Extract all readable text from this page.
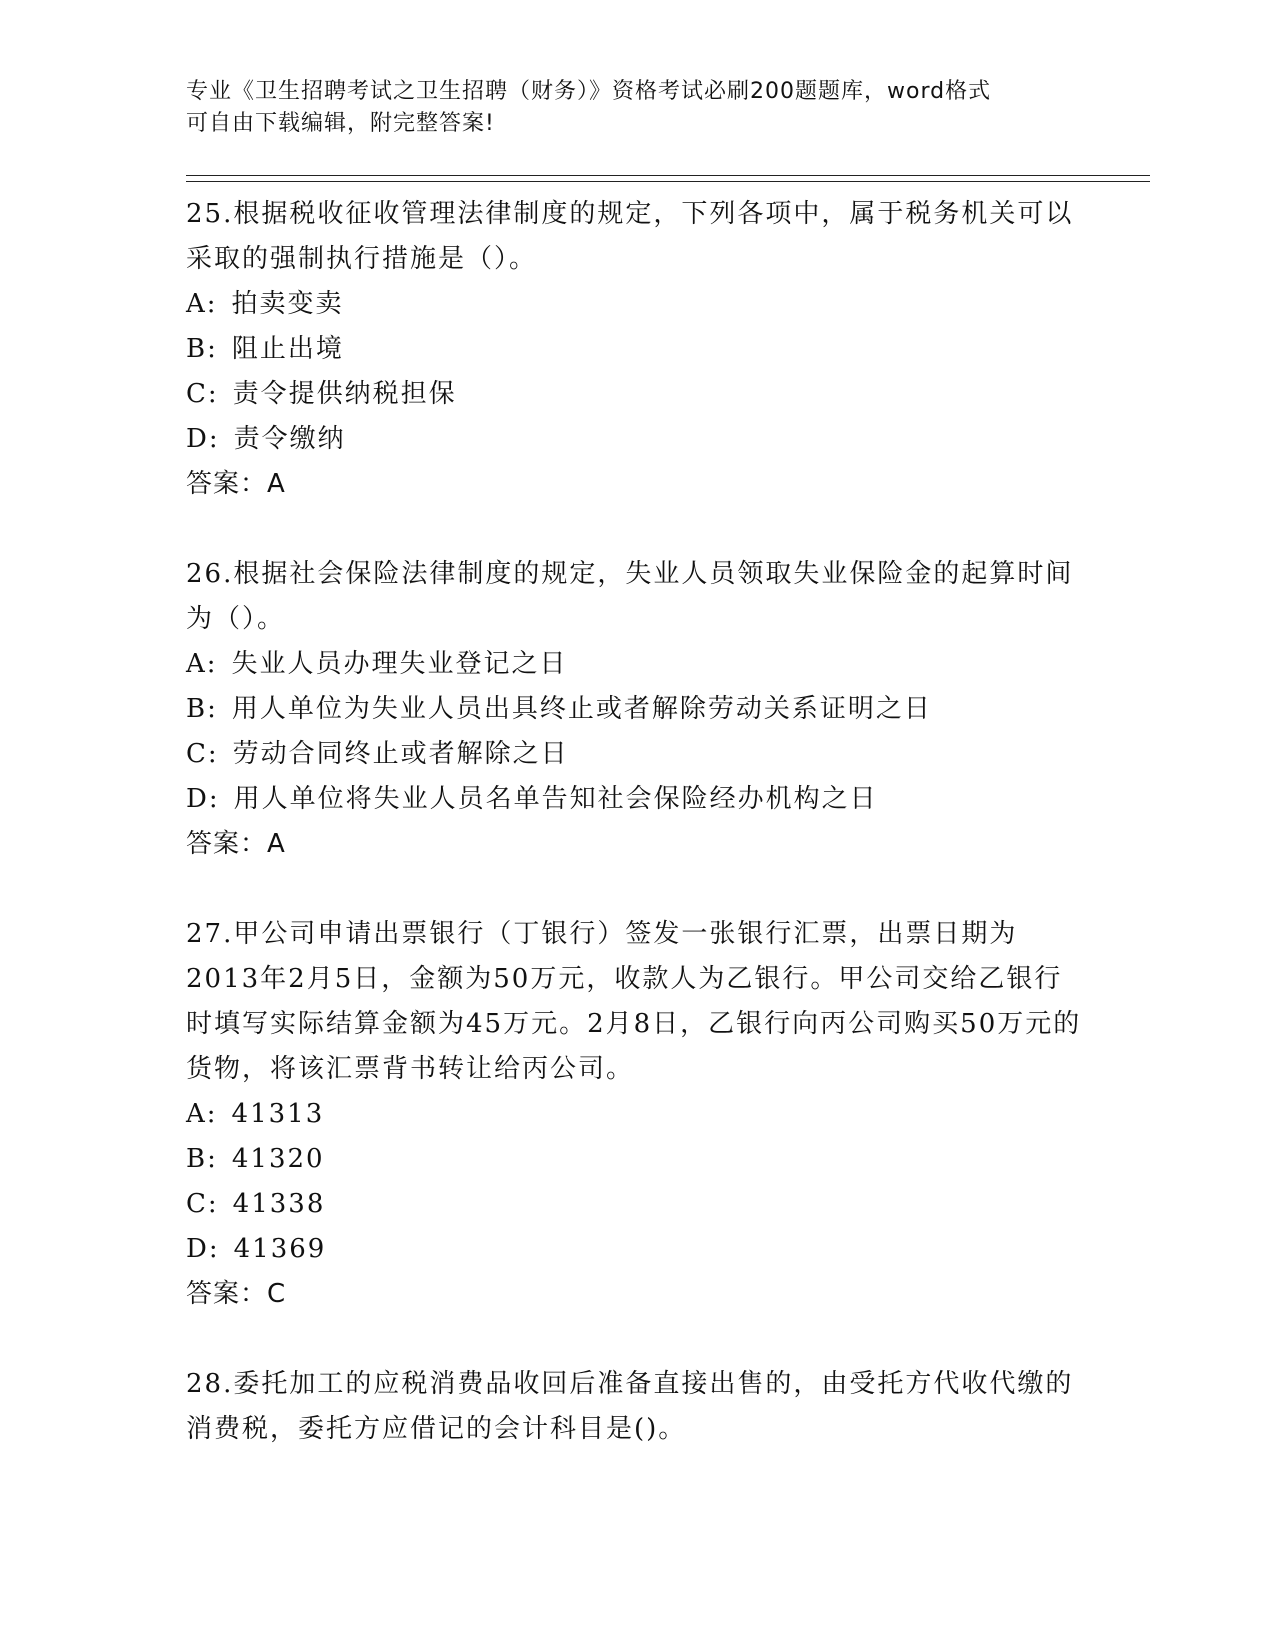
专业《卫生招聘考试之卫生招聘（财务）》资格考试必刷200题题库，word格式
可自由下载编辑，附完整答案!

25.根据税收征收管理法律制度的规定，下列各项中，属于税务机关可以采取的强制执行措施是（）。

A: 拍卖变卖

B: 阻止出境

C: 责令提供纳税担保

D: 责令缴纳

答案：A

26.根据社会保险法律制度的规定，失业人员领取失业保险金的起算时间为（）。

A: 失业人员办理失业登记之日

B: 用人单位为失业人员出具终止或者解除劳动关系证明之日

C: 劳动合同终止或者解除之日

D: 用人单位将失业人员名单告知社会保险经办机构之日

答案：A

27.甲公司申请出票银行（丁银行）签发一张银行汇票，出票日期为2013年2月5日，金额为50万元，收款人为乙银行。甲公司交给乙银行时填写实际结算金额为45万元。2月8日，乙银行向丙公司购买50万元的货物，将该汇票背书转让给丙公司。

A: 41313

B: 41320

C: 41338

D: 41369

答案：C

28.委托加工的应税消费品收回后准备直接出售的，由受托方代收代缴的消费税，委托方应借记的会计科目是()。
